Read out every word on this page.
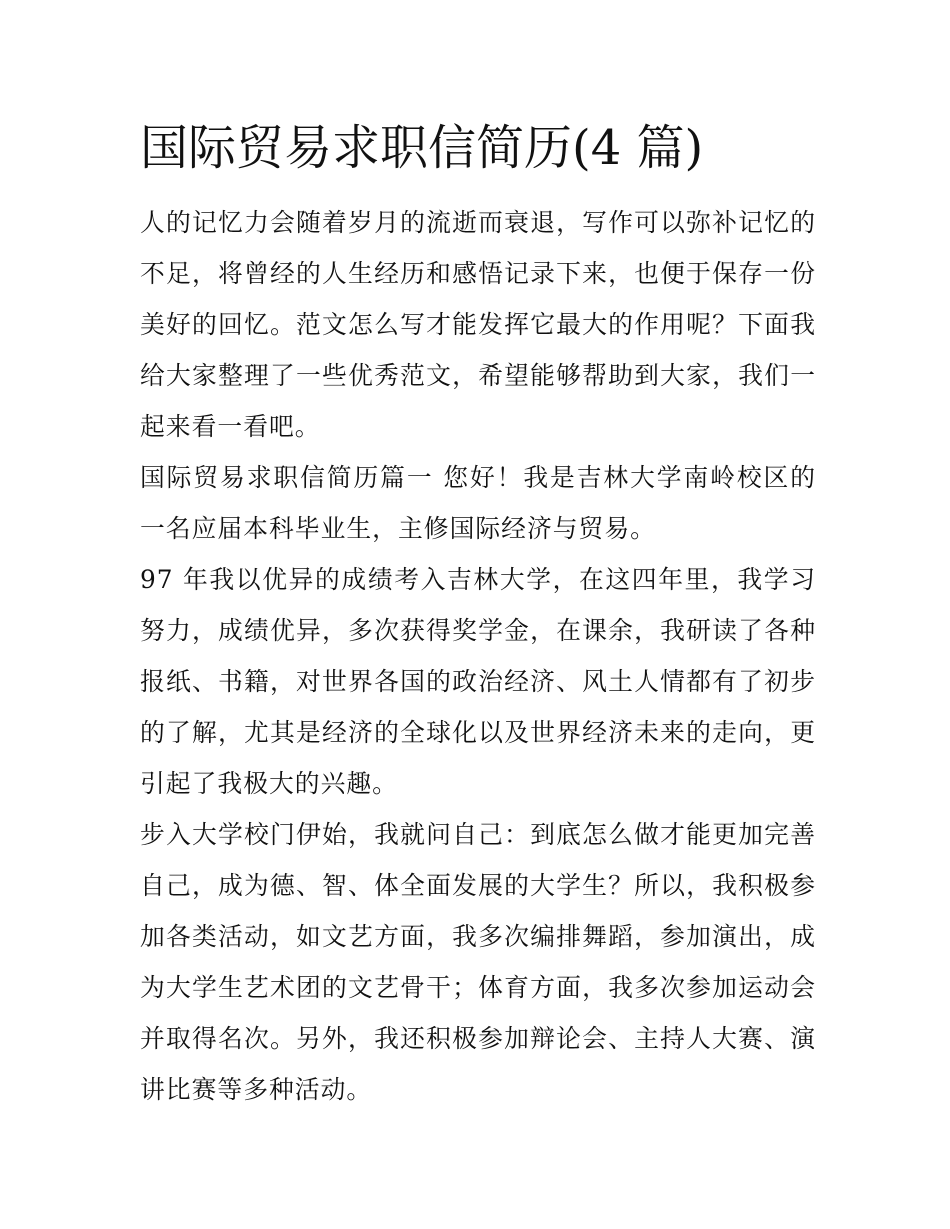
国际贸易求职信简历(4 篇)

人的记忆力会随着岁月的流逝而衰退，写作可以弥补记忆的不足，将曾经的人生经历和感悟记录下来，也便于保存一份美好的回忆。范文怎么写才能发挥它最大的作用呢？下面我给大家整理了一些优秀范文，希望能够帮助到大家，我们一起来看一看吧。

国际贸易求职信简历篇一 您好！我是吉林大学南岭校区的一名应届本科毕业生，主修国际经济与贸易。

97 年我以优异的成绩考入吉林大学，在这四年里，我学习努力，成绩优异，多次获得奖学金，在课余，我研读了各种报纸、书籍，对世界各国的政治经济、风土人情都有了初步的了解，尤其是经济的全球化以及世界经济未来的走向，更引起了我极大的兴趣。

步入大学校门伊始，我就问自己：到底怎么做才能更加完善自己，成为德、智、体全面发展的大学生？所以，我积极参加各类活动，如文艺方面，我多次编排舞蹈，参加演出，成为大学生艺术团的文艺骨干；体育方面，我多次参加运动会并取得名次。另外，我还积极参加辩论会、主持人大赛、演讲比赛等多种活动。
